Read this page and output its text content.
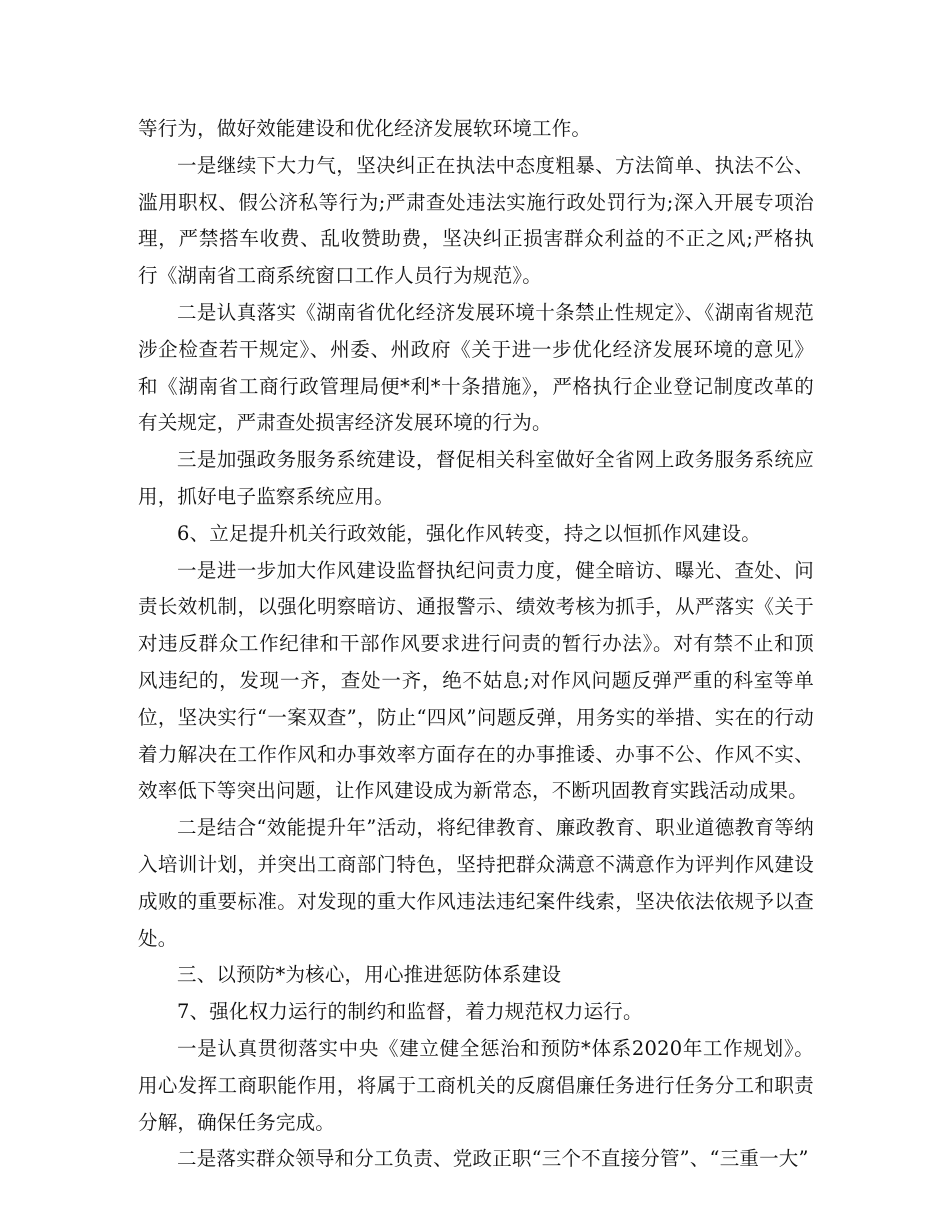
等行为，做好效能建设和优化经济发展软环境工作。

一是继续下大力气，坚决纠正在执法中态度粗暴、方法简单、执法不公、滥用职权、假公济私等行为;严肃查处违法实施行政处罚行为;深入开展专项治理，严禁搭车收费、乱收赞助费，坚决纠正损害群众利益的不正之风;严格执行《湖南省工商系统窗口工作人员行为规范》。

二是认真落实《湖南省优化经济发展环境十条禁止性规定》、《湖南省规范涉企检查若干规定》、州委、州政府《关于进一步优化经济发展环境的意见》和《湖南省工商行政管理局便*利*十条措施》，严格执行企业登记制度改革的有关规定，严肃查处损害经济发展环境的行为。

三是加强政务服务系统建设，督促相关科室做好全省网上政务服务系统应用，抓好电子监察系统应用。

6、立足提升机关行政效能，强化作风转变，持之以恒抓作风建设。

一是进一步加大作风建设监督执纪问责力度，健全暗访、曝光、查处、问责长效机制，以强化明察暗访、通报警示、绩效考核为抓手，从严落实《关于对违反群众工作纪律和干部作风要求进行问责的暂行办法》。对有禁不止和顶风违纪的，发现一齐，查处一齐，绝不姑息;对作风问题反弹严重的科室等单位，坚决实行“一案双查”，防止“四风”问题反弹，用务实的举措、实在的行动着力解决在工作作风和办事效率方面存在的办事推诿、办事不公、作风不实、效率低下等突出问题，让作风建设成为新常态，不断巩固教育实践活动成果。

二是结合“效能提升年”活动，将纪律教育、廉政教育、职业道德教育等纳入培训计划，并突出工商部门特色，坚持把群众满意不满意作为评判作风建设成败的重要标准。对发现的重大作风违法违纪案件线索，坚决依法依规予以查处。

三、以预防*为核心，用心推进惩防体系建设

7、强化权力运行的制约和监督，着力规范权力运行。

一是认真贯彻落实中央《建立健全惩治和预防*体系2020年工作规划》。用心发挥工商职能作用，将属于工商机关的反腐倡廉任务进行任务分工和职责分解，确保任务完成。

二是落实群众领导和分工负责、党政正职“三个不直接分管”、“三重一大”
